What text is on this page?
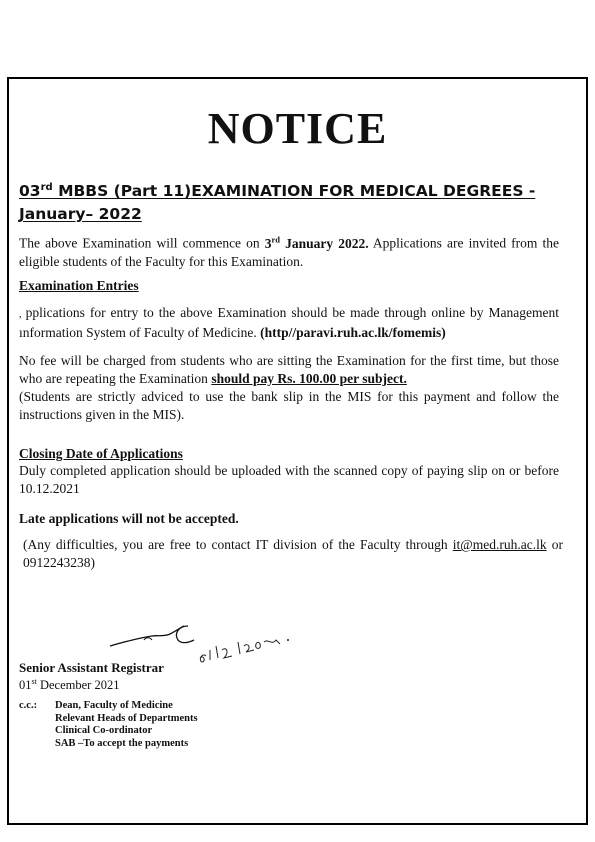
NOTICE
03rd MBBS (Part 11)EXAMINATION FOR MEDICAL DEGREES - January– 2022
The above Examination will commence on 3rd January 2022. Applications are invited from the eligible students of the Faculty for this Examination.
Examination Entries
, pplications for entry to the above Examination should be made through online by Management ınformation System of Faculty of Medicine. (http//paravi.ruh.ac.lk/fomemis)
No fee will be charged from students who are sitting the Examination for the first time, but those who are repeating the Examination should pay Rs. 100.00 per subject.
(Students are strictly adviced to use the bank slip in the MIS for this payment and follow the instructions given in the MIS).
Closing Date of Applications
Duly completed application should be uploaded with the scanned copy of paying slip on or before 10.12.2021
Late applications will not be accepted.
(Any difficulties, you are free to contact IT division of the Faculty through it@med.ruh.ac.lk or 0912243238)
Senior Assistant Registrar
01st December 2021
c.c.: Dean, Faculty of Medicine
Relevant Heads of Departments
Clinical Co-ordinator
SAB –To accept the payments
